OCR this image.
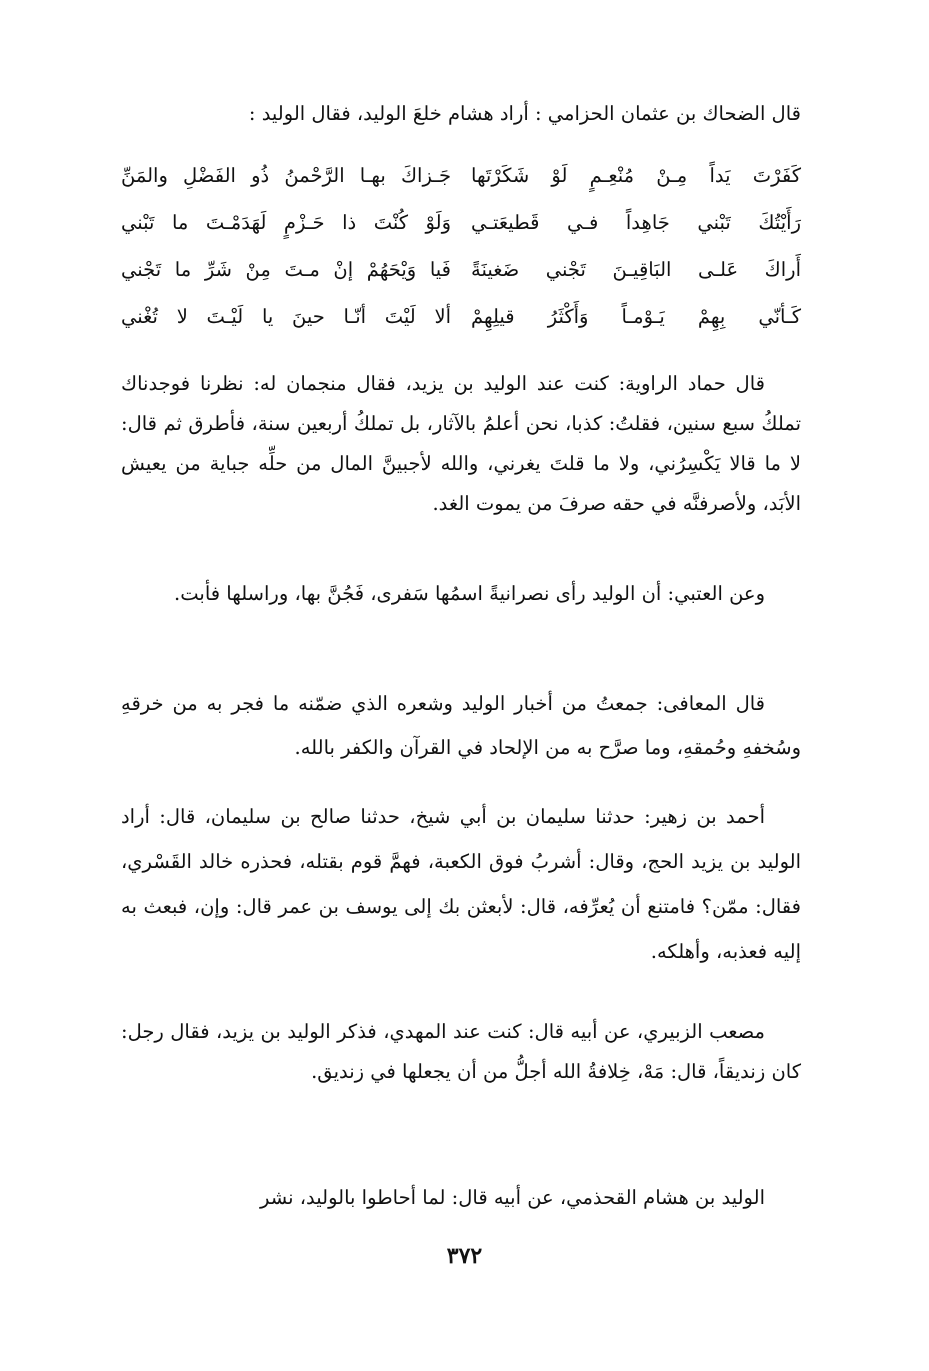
قال الضحاك بن عثمان الحزامي : أراد هشام خلعَ الوليد، فقال الوليد :
كَفَرْتَ يَداً مِـنْ مُنْعِـمٍ لَوْ شَكَرْتَها
جَـزاكَ بهـا الرَّحْمنُ ذُو الفَضْلِ والمَنِّ
رَأَيْتُكَ تَبْني جَاهِداً فـي قَطيعَتـي
وَلَوْ كُنْتَ ذا حَـزْمٍ لَهَدَمْـتَ ما تَبْني
أَراكَ عَلـى البَاقِيـنَ تَجْني ضَغينَةً
فَيا وَيْحَهُمْ إنْ مـتَ مِنْ شَرِّ ما تَجْني
كَـأنّي بِهِمْ يَـوْمـاً وَأَكْثَرُ قيلِهِمْ
ألا لَيْتَ أنّـا حينَ يا لَيْـتَ لا تُغْني

قال حماد الراوية: كنت عند الوليد بن يزيد، فقال منجمان له: نظرنا فوجدناك تملكُ سبع سنين، فقلتُ: كذبا، نحن أعلمُ بالآثار، بل تملكُ أربعين سنة، فأطرق ثم قال: لا ما قالا يَكْسِرُني، ولا ما قلتَ يغرني، والله لأجبينَّ المال من حلِّه جباية من يعيش الأبَد، ولأصرفنَّه في حقه صرفَ من يموت الغد.

وعن العتبي: أن الوليد رأى نصرانيةً اسمُها سَفرى، فَجُنَّ بها، وراسلها فأبت.

قال المعافى: جمعتُ من أخبار الوليد وشعره الذي ضمّنه ما فجر به من خرقهِ وسُخفهِ وحُمقهِ، وما صرَّح به من الإلحاد في القرآن والكفر بالله.

أحمد بن زهير: حدثنا سليمان بن أبي شيخ، حدثنا صالح بن سليمان، قال: أراد الوليد بن يزيد الحج، وقال: أشربُ فوق الكعبة، فهمَّ قوم بقتله، فحذره خالد القَسْري، فقال: ممّن؟ فامتنع أن يُعرِّفه، قال: لأبعثن بك إلى يوسف بن عمر قال: وإن، فبعث به إليه فعذبه، وأهلكه.

مصعب الزبيري، عن أبيه قال: كنت عند المهدي، فذكر الوليد بن يزيد، فقال رجل: كان زنديقاً، قال: مَهْ، خِلافةُ الله أجلُّ من أن يجعلها في زنديق.

الوليد بن هشام القحذمي، عن أبيه قال: لما أحاطوا بالوليد، نشر

٣٧٢
